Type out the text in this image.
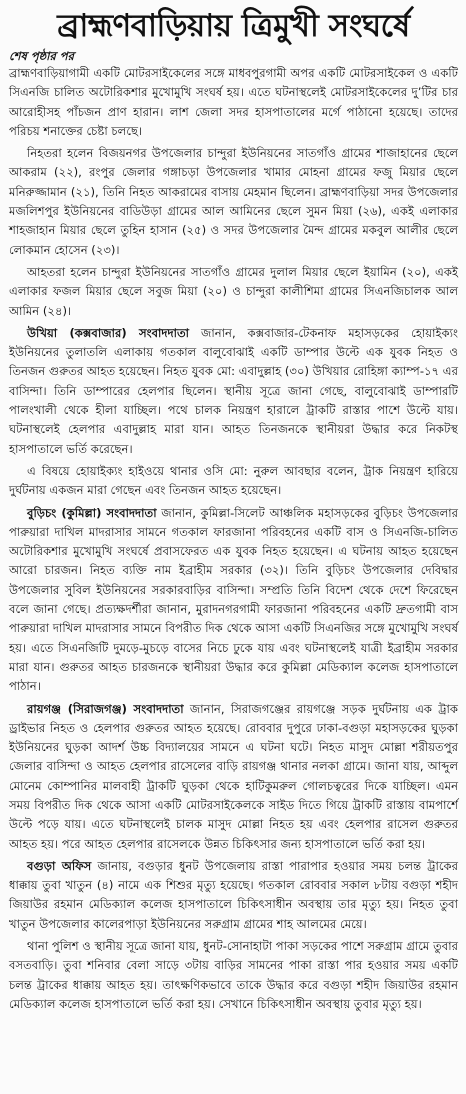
ব্রাহ্মণবাড়িয়ায় ত্রিমুখী সংঘর্ষে
শেষ পৃষ্ঠার পর

ব্রাহ্মণবাড়িয়াগামী একটি মোটরসাইকেলের সঙ্গে মাধবপুরগামী অপর একটি মোটরসাইকেল ও একটি সিএনজি চালিত অটোরিকশার মুখোমুখি সংঘর্ষ হয়। এতে ঘটনাস্থলেই মোটরসাইকেলের দু’টির চার আরোহীসহ পাঁচজন প্রাণ হারান। লাশ জেলা সদর হাসপাতালের মর্গে পাঠানো হয়েছে। তাদের পরিচয় শনাক্তের চেষ্টা চলছে।

নিহতরা হলেন বিজয়নগর উপজেলার চান্দুরা ইউনিয়নের সাতগাঁও গ্রামের শাজাহানের ছেলে আকরাম (২২), রংপুর জেলার গঙ্গাচড়া উপজেলার খামার মোহনা গ্রামের ফজু মিয়ার ছেলে মনিরুজ্জামান (২১), তিনি নিহত আকরামের বাসায় মেহমান ছিলেন। ব্রাহ্মণবাড়িয়া সদর উপজেলার মজলিশপুর ইউনিয়নের বাডিউড়া গ্রামের আল আমিনের ছেলে সুমন মিয়া (২৬), একই এলাকার শাহজাহান মিয়ার ছেলে তুহিন হাসান (২৫) ও সদর উপজেলার মৈন্দ গ্রামের মকবুল আলীর ছেলে লোকমান হোসেন (২৩)।

আহতরা হলেন চান্দুরা ইউনিয়নের সাতগাঁও গ্রামের দুলাল মিয়ার ছেলে ইয়ামিন (২০), একই এলাকার ফজল মিয়ার ছেলে সবুজ মিয়া (২০) ও চান্দুরা কালীশিমা গ্রামের সিএনজিচালক আল আমিন (২৪)।

উখিয়া (কক্সবাজার) সংবাদদাতা জানান, কক্সবাজার-টেকনাফ মহাসড়কের হোয়াইক্যং ইউনিয়নের তুলাতলি এলাকায় গতকাল বালুবোঝাই একটি ডাম্পার উল্টে এক যুবক নিহত ও তিনজন গুরুতর আহত হয়েছেন। নিহত যুবক মো: এবাদুল্লাহ (৩০) উখিয়ার রোহিঙ্গা ক্যাম্প-১৭ এর বাসিন্দা। তিনি ডাম্পারের হেলপার ছিলেন। স্থানীয় সূত্রে জানা গেছে, বালুবোঝাই ডাম্পারটি পালংখালী থেকে হীলা যাচ্ছিল। পথে চালক নিয়ন্ত্রণ হারালে ট্রাকটি রাস্তার পাশে উল্টে যায়। ঘটনাস্থলেই হেলপার এবাদুল্লাহ মারা যান। আহত তিনজনকে স্থানীয়রা উদ্ধার করে নিকটস্থ হাসপাতালে ভর্তি করেছেন।

এ বিষয়ে হোয়াইক্যং হাইওয়ে থানার ওসি মো: নুরুল আবছার বলেন, ট্রাক নিয়ন্ত্রণ হারিয়ে দুর্ঘটনায় একজন মারা গেছেন এবং তিনজন আহত হয়েছেন।

বুড়িচং (কুমিল্লা) সংবাদদাতা জানান, কুমিল্লা-সিলেট আঞ্চলিক মহাসড়কের বুড়িচং উপজেলার পারুয়ারা দাখিল মাদরাসার সামনে গতকাল ফারজানা পরিবহনের একটি বাস ও সিএনজি-চালিত অটোরিকশার মুখোমুখি সংঘর্ষে প্রবাসফেরত এক যুবক নিহত হয়েছেন। এ ঘটনায় আহত হয়েছেন আরো চারজন। নিহত ব্যক্তি নাম ইব্রাহীম সরকার (৩২)। তিনি বুড়িচং উপজেলার দেবিদ্বার উপজেলার সুবিল ইউনিয়নের সরকারবাড়ির বাসিন্দা। সম্প্রতি তিনি বিদেশ থেকে দেশে ফিরেছেন বলে জানা গেছে। প্রত্যক্ষদর্শীরা জানান, মুরাদনগরগামী ফারজানা পরিবহনের একটি দ্রুতগামী বাস পারুয়ারা দাখিল মাদরাসার সামনে বিপরীত দিক থেকে আসা একটি সিএনজির সঙ্গে মুখোমুখি সংঘর্ষ হয়। এতে সিএনজিটি দুমড়ে-মুচড়ে বাসের নিচে ঢুকে যায় এবং ঘটনাস্থলেই যাত্রী ইব্রাহীম সরকার মারা যান। গুরুতর আহত চারজনকে স্থানীয়রা উদ্ধার করে কুমিল্লা মেডিক্যাল কলেজ হাসপাতালে পাঠান।

রায়গঞ্জ (সিরাজগঞ্জ) সংবাদদাতা জানান, সিরাজগঞ্জের রায়গঞ্জে সড়ক দুর্ঘটনায় এক ট্রাক ড্রাইভার নিহত ও হেলপার গুরুতর আহত হয়েছে। রোববার দুপুরে ঢাকা-বগুড়া মহাসড়কের ঘুড়কা ইউনিয়নের ঘুড়কা আদর্শ উচ্চ বিদ্যালয়ের সামনে এ ঘটনা ঘটে। নিহত মাসুদ মোল্লা শরীয়তপুর জেলার বাসিন্দা ও আহত হেলপার রাসেলের বাড়ি রায়গঞ্জ থানার নলকা গ্রামে। জানা যায়, আব্দুল মোনেম কোম্পানির মালবাহী ট্রাকটি ঘুড়কা থেকে হাটিকুমরুল গোলচত্বরের দিকে যাচ্ছিল। এমন সময় বিপরীত দিক থেকে আসা একটি মোটরসাইকেলকে সাইড দিতে গিয়ে ট্রাকটি রাস্তায় বামপার্শে উল্টে পড়ে যায়। এতে ঘটনাস্থলেই চালক মাসুদ মোল্লা নিহত হয় এবং হেলপার রাসেল গুরুতর আহত হয়। পরে আহত হেলপার রাসেলকে উন্নত চিকিৎসার জন্য হাসপাতালে ভর্তি করা হয়।

বগুড়া অফিস জানায়, বগুড়ার ধুনট উপজেলায় রাস্তা পারাপার হওয়ার সময় চলন্ত ট্রাকের ধাক্কায় তুবা খাতুন (৪) নামে এক শিশুর মৃত্যু হয়েছে। গতকাল রোববার সকাল ৮টায় বগুড়া শহীদ জিয়াউর রহমান মেডিক্যাল কলেজ হাসপাতালে চিকিৎসাধীন অবস্থায় তার মৃত্যু হয়। নিহত তুবা খাতুন উপজেলার কালেরপাড়া ইউনিয়নের সরুগ্রাম গ্রামের শাহ আলমের মেয়ে।

থানা পুলিশ ও স্থানীয় সূত্রে জানা যায়, ধুনট-সোনাহাটা পাকা সড়কের পাশে সরুগ্রাম গ্রামে তুবার বসতবাড়ি। তুবা শনিবার বেলা সাড়ে ৩টায় বাড়ির সামনের পাকা রাস্তা পার হওয়ার সময় একটি চলন্ত ট্রাকের ধাক্কায় আহত হয়। তাৎক্ষণিকভাবে তাকে উদ্ধার করে বগুড়া শহীদ জিয়াউর রহমান মেডিক্যাল কলেজ হাসপাতালে ভর্তি করা হয়। সেখানে চিকিৎসাধীন অবস্থায় তুবার মৃত্যু হয়।
